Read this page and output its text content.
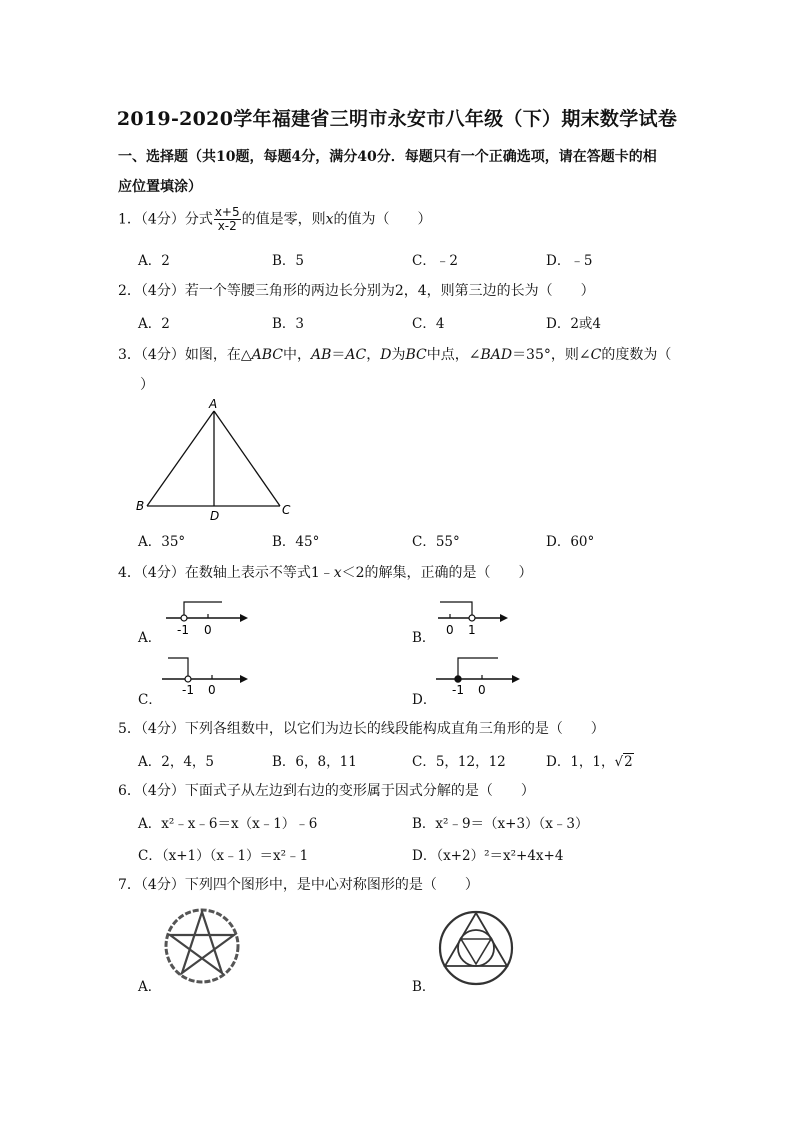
2019-2020学年福建省三明市永安市八年级（下）期末数学试卷
一、选择题（共10题，每题4分，满分40分．每题只有一个正确选项，请在答题卡的相
应位置填涂）
1．（4分）分式 $\frac{x+5}{x-2}$ 的值是零，则x的值为（　　）
A．2	B．5	C．﹣2	D．﹣5
2．（4分）若一个等腰三角形的两边长分别为2，4，则第三边的长为（　　）
A．2	B．3	C．4	D．2或4
3．（4分）如图，在△ABC中，AB＝AC，D为BC中点，∠BAD＝35°，则∠C的度数为（
）
A
B	C
D
A．35°	B．45°	C．55°	D．60°
4．（4分）在数轴上表示不等式1﹣x＜2的解集，正确的是（　　）
A． -1 0	B． 0 1
C．
-1 0
D．
-1 0
5．（4分）下列各组数中，以它们为边长的线段能构成直角三角形的是（　　）
A．2，4，5	B．6，8，11	C．5，12，12	D．1，1，√2
6．（4分）下面式子从左边到右边的变形属于因式分解的是（　　）
A．x²﹣x﹣6＝x（x﹣1）﹣6	B．x²﹣9＝（x+3）（x﹣3）
C．（x+1）（x﹣1）＝x²﹣1	D．（x+2）²＝x²+4x+4
7．（4分）下列四个图形中，是中心对称图形的是（　　）
A．	B．
